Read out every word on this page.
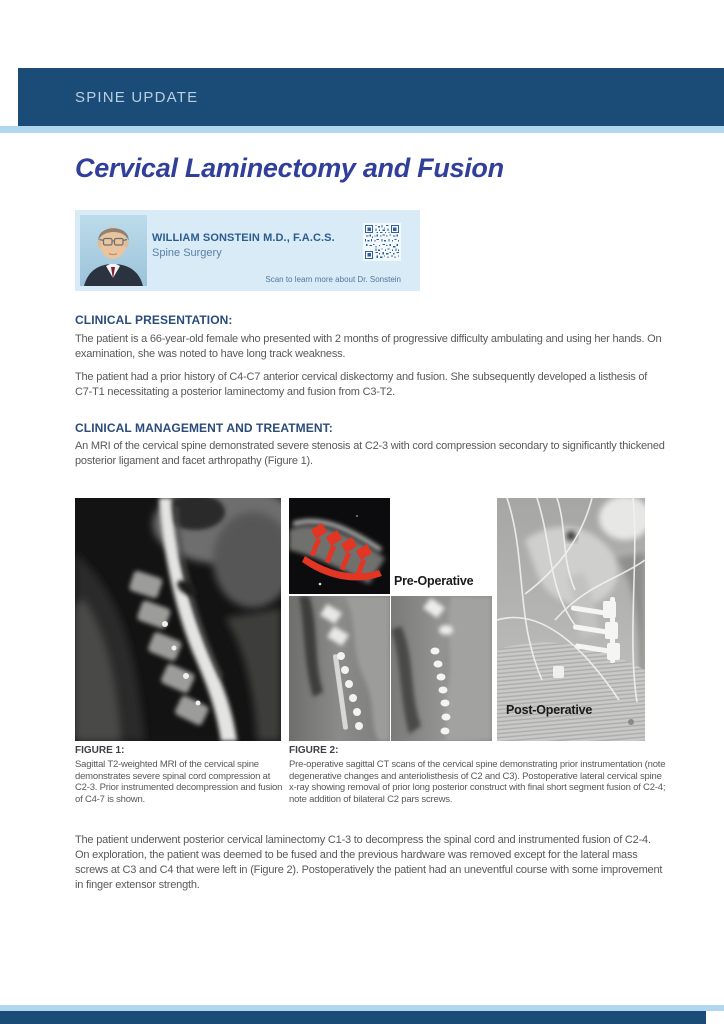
SPINE UPDATE
Cervical Laminectomy and Fusion
WILLIAM SONSTEIN M.D., F.A.C.S.
Spine Surgery
Scan to learn more about Dr. Sonstein
CLINICAL PRESENTATION:

The patient is a 66-year-old female who presented with 2 months of progressive difficulty ambulating and using her hands. On examination, she was noted to have long track weakness.

The patient had a prior history of C4-C7 anterior cervical diskectomy and fusion. She subsequently developed a listhesis of C7-T1 necessitating a posterior laminectomy and fusion from C3-T2.

CLINICAL MANAGEMENT AND TREATMENT:

An MRI of the cervical spine demonstrated severe stenosis at C2-3 with cord compression secondary to significantly thickened posterior ligament and facet arthropathy (Figure 1).

Pre-Operative
Post-Operative
FIGURE 1:

Sagittal T2-weighted MRI of the cervical spine demonstrates severe spinal cord compression at C2-3. Prior instrumented decompression and fusion of C4-7 is shown.

FIGURE 2:

Pre-operative sagittal CT scans of the cervical spine demonstrating prior instrumentation (note degenerative changes and anteriolisthesis of C2 and C3). Postoperative lateral cervical spine x-ray showing removal of prior long posterior construct with final short segment fusion of C2-4; note addition of bilateral C2 pars screws.

The patient underwent posterior cervical laminectomy C1-3 to decompress the spinal cord and instrumented fusion of C2-4. On exploration, the patient was deemed to be fused and the previous hardware was removed except for the lateral mass screws at C3 and C4 that were left in (Figure 2). Postoperatively the patient had an uneventful course with some improvement in finger extensor strength.
